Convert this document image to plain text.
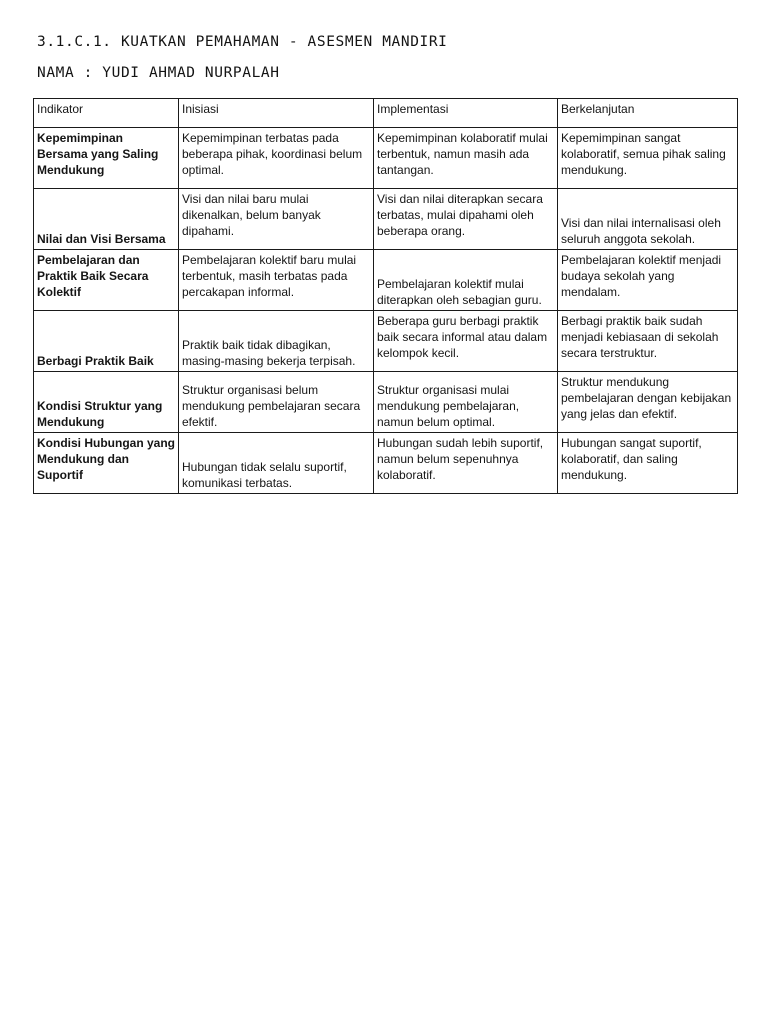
3.1.C.1. KUATKAN PEMAHAMAN - ASESMEN MANDIRI
NAMA : YUDI AHMAD NURPALAH
Indikator	Inisiasi	Implementasi	Berkelanjutan
Kepemimpinan Bersama yang Saling Mendukung	Kepemimpinan terbatas pada beberapa pihak, koordinasi belum optimal.	Kepemimpinan kolaboratif mulai terbentuk, namun masih ada tantangan.	Kepemimpinan sangat kolaboratif, semua pihak saling mendukung.
Nilai dan Visi Bersama	Visi dan nilai baru mulai dikenalkan, belum banyak dipahami.	Visi dan nilai diterapkan secara terbatas, mulai dipahami oleh beberapa orang.	Visi dan nilai internalisasi oleh seluruh anggota sekolah.
Pembelajaran dan Praktik Baik Secara Kolektif	Pembelajaran kolektif baru mulai terbentuk, masih terbatas pada percakapan informal.	Pembelajaran kolektif mulai diterapkan oleh sebagian guru.	Pembelajaran kolektif menjadi budaya sekolah yang mendalam.
Berbagi Praktik Baik	Praktik baik tidak dibagikan, masing-masing bekerja terpisah.	Beberapa guru berbagi praktik baik secara informal atau dalam kelompok kecil.	Berbagi praktik baik sudah menjadi kebiasaan di sekolah secara terstruktur.
Kondisi Struktur yang Mendukung	Struktur organisasi belum mendukung pembelajaran secara efektif.	Struktur organisasi mulai mendukung pembelajaran, namun belum optimal.	Struktur mendukung pembelajaran dengan kebijakan yang jelas dan efektif.
Kondisi Hubungan yang Mendukung dan Suportif	Hubungan tidak selalu suportif, komunikasi terbatas.	Hubungan sudah lebih suportif, namun belum sepenuhnya kolaboratif.	Hubungan sangat suportif, kolaboratif, dan saling mendukung.
